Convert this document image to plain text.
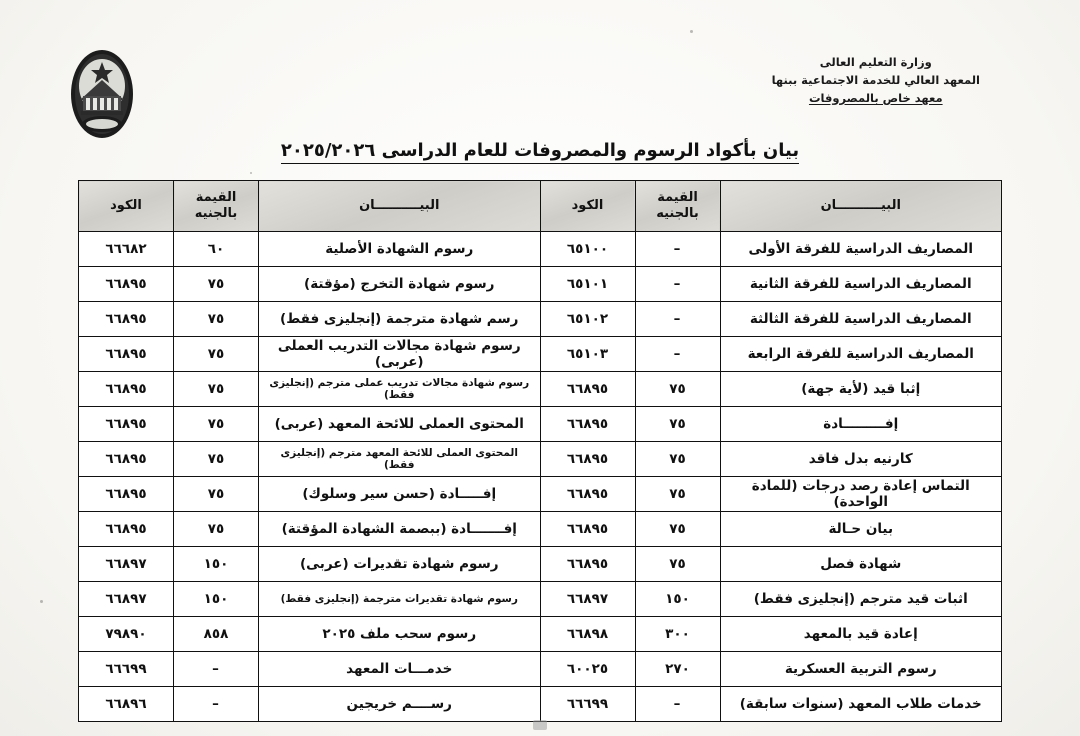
وزارة التعليم العالى
المعهد العالي للخدمة الاجتماعية ببنها
معهد خاص بالمصروفات
بيان بأكواد الرسوم والمصروفات للعام الدراسى ٢٠٢٥/٢٠٢٦
البيــــــــــان	القيمة بالجنيه	الكود	البيــــــــــان	القيمة بالجنيه	الكود
المصاريف الدراسية للفرقة الأولى	–	٦٥١٠٠	رسوم الشهادة الأصلية	٦٠	٦٦٦٨٢
المصاريف الدراسية للفرقة الثانية	–	٦٥١٠١	رسوم شهادة التخرج (مؤقتة)	٧٥	٦٦٨٩٥
المصاريف الدراسية للفرقة الثالثة	–	٦٥١٠٢	رسم شهادة مترجمة (إنجليزى فقط)	٧٥	٦٦٨٩٥
المصاريف الدراسية للفرقة الرابعة	–	٦٥١٠٣	رسوم شهادة مجالات التدريب العملى (عربى)	٧٥	٦٦٨٩٥
إثبا قيد (لأية جهة)	٧٥	٦٦٨٩٥	رسوم شهادة مجالات تدريب عملى مترجم (إنجليزى فقط)	٧٥	٦٦٨٩٥
إفـــــــــادة	٧٥	٦٦٨٩٥	المحتوى العملى للائحة المعهد (عربى)	٧٥	٦٦٨٩٥
كارنيه بدل فاقد	٧٥	٦٦٨٩٥	المحتوى العملى للائحة المعهد مترجم (إنجليزى فقط)	٧٥	٦٦٨٩٥
التماس إعادة رصد درجات (للمادة الواحدة)	٧٥	٦٦٨٩٥	إفـــــادة (حسن سير وسلوك)	٧٥	٦٦٨٩٥
بيان حـالة	٧٥	٦٦٨٩٥	إفـــــــادة (ببصمة الشهادة المؤقتة)	٧٥	٦٦٨٩٥
شهادة فصل	٧٥	٦٦٨٩٥	رسوم شهادة تقديرات (عربى)	١٥٠	٦٦٨٩٧
اثبات قيد مترجم (إنجليزى فقط)	١٥٠	٦٦٨٩٧	رسوم شهادة تقديرات مترجمة (إنجليزى فقط)	١٥٠	٦٦٨٩٧
إعادة قيد بالمعهد	٣٠٠	٦٦٨٩٨	رسوم سحب ملف ٢٠٢٥	٨٥٨	٧٩٨٩٠
رسوم التربية العسكرية	٢٧٠	٦٠٠٢٥	خدمـــات المعهد	–	٦٦٦٩٩
خدمات طلاب المعهد (سنوات سابقة)	–	٦٦٦٩٩	رســــم خريجين	–	٦٦٨٩٦
